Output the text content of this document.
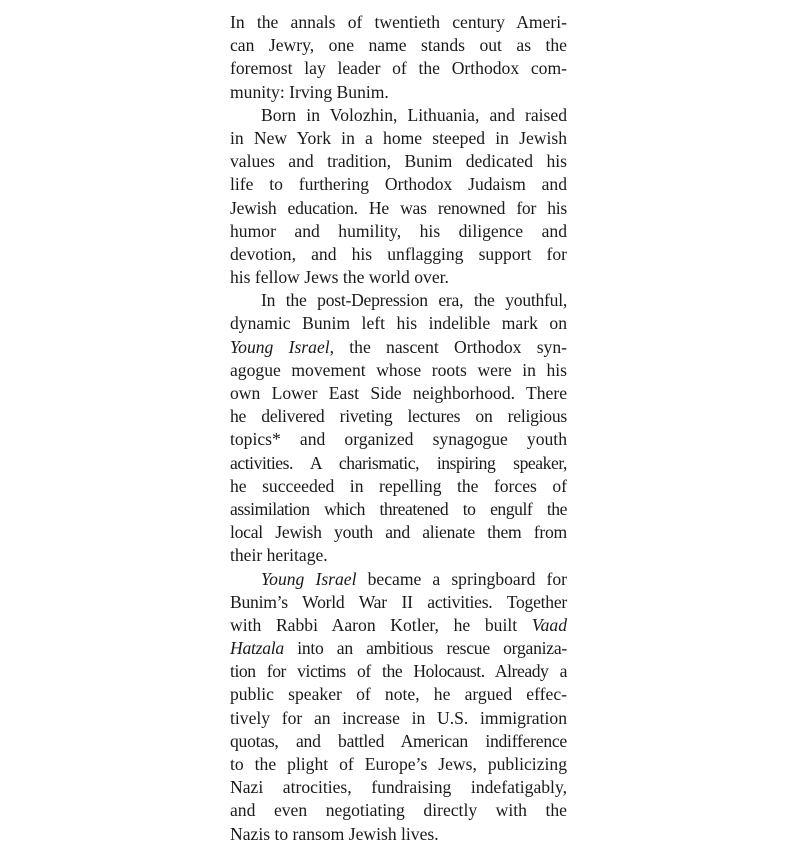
In the annals of twentieth century Ameri-
can Jewry, one name stands out as the
foremost lay leader of the Orthodox com-
munity: Irving Bunim.
Born in Volozhin, Lithuania, and raised
in New York in a home steeped in Jewish
values and tradition, Bunim dedicated his
life to furthering Orthodox Judaism and
Jewish education. He was renowned for his
humor and humility, his diligence and
devotion, and his unflagging support for
his fellow Jews the world over.
In the post-Depression era, the youthful,
dynamic Bunim left his indelible mark on
Young Israel, the nascent Orthodox syn-
agogue movement whose roots were in his
own Lower East Side neighborhood. There
he delivered riveting lectures on religious
topics* and organized synagogue youth
activities. A charismatic, inspiring speaker,
he succeeded in repelling the forces of
assimilation which threatened to engulf the
local Jewish youth and alienate them from
their heritage.
Young Israel became a springboard for
Bunim’s World War II activities. Together
with Rabbi Aaron Kotler, he built Vaad
Hatzala into an ambitious rescue organiza-
tion for victims of the Holocaust. Already a
public speaker of note, he argued effec-
tively for an increase in U.S. immigration
quotas, and battled American indifference
to the plight of Europe’s Jews, publicizing
Nazi atrocities, fundraising indefatigably,
and even negotiating directly with the
Nazis to ransom Jewish lives.
